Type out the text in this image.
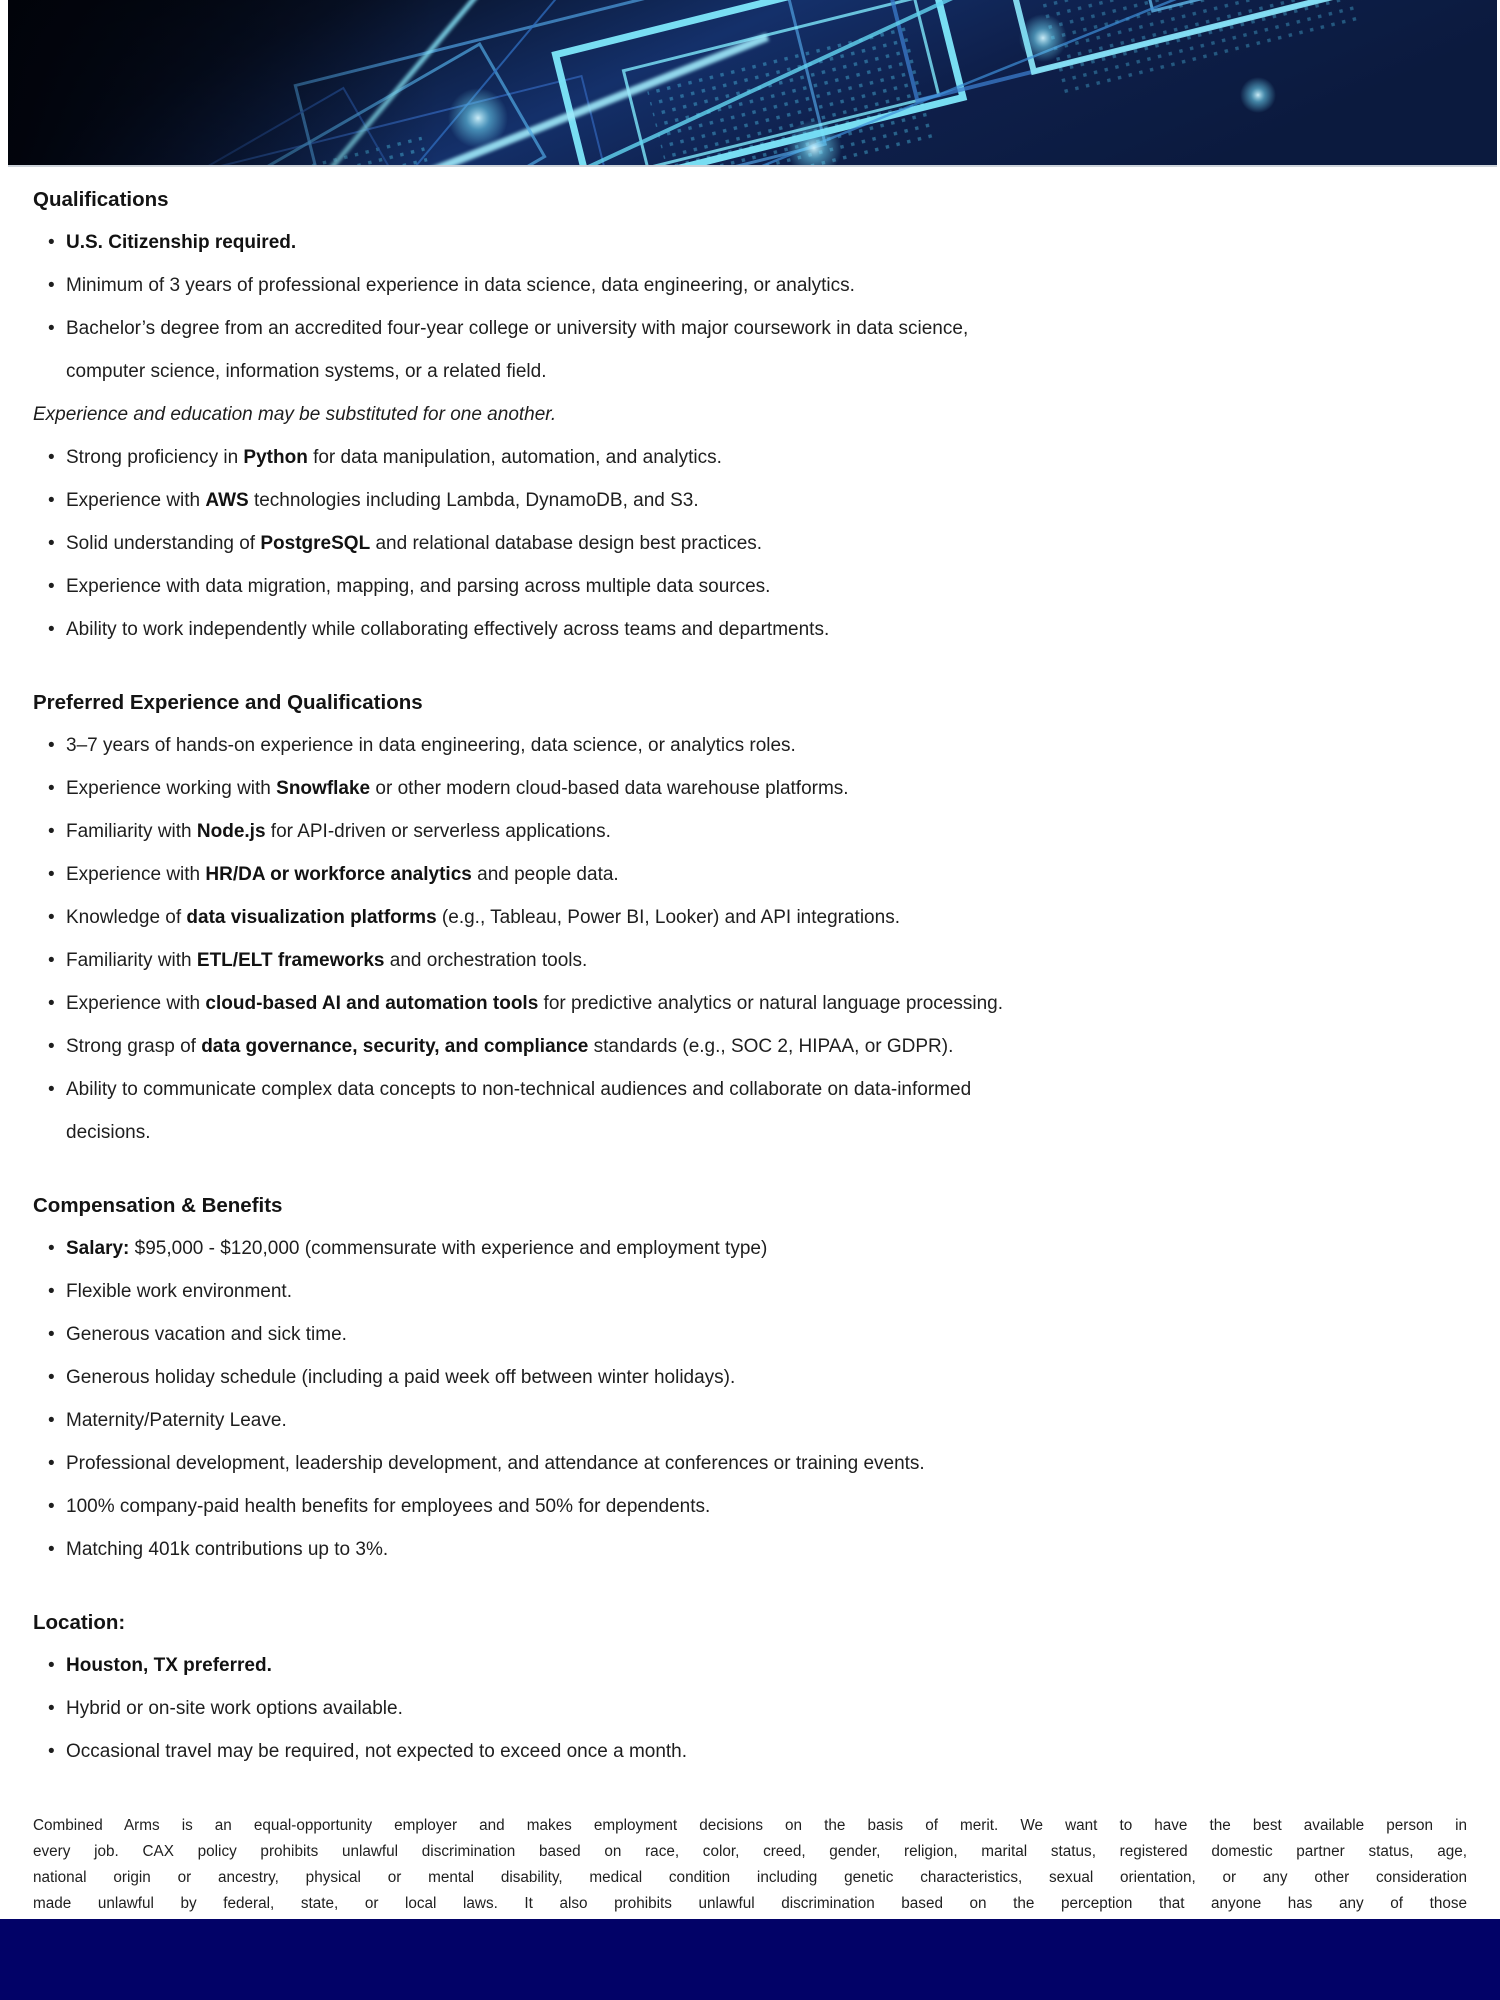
Qualifications
• U.S. Citizenship required.
• Minimum of 3 years of professional experience in data science, data engineering, or analytics.
• Bachelor’s degree from an accredited four-year college or university with major coursework in data science,
computer science, information systems, or a related field.

Experience and education may be substituted for one another.

• Strong proficiency in Python for data manipulation, automation, and analytics.
• Experience with AWS technologies including Lambda, DynamoDB, and S3.
• Solid understanding of PostgreSQL and relational database design best practices.
• Experience with data migration, mapping, and parsing across multiple data sources.
• Ability to work independently while collaborating effectively across teams and departments.
Preferred Experience and Qualifications
• 3–7 years of hands-on experience in data engineering, data science, or analytics roles.
• Experience working with Snowflake or other modern cloud-based data warehouse platforms.
• Familiarity with Node.js for API-driven or serverless applications.
• Experience with HR/DA or workforce analytics and people data.
• Knowledge of data visualization platforms (e.g., Tableau, Power BI, Looker) and API integrations.
• Familiarity with ETL/ELT frameworks and orchestration tools.
• Experience with cloud-based AI and automation tools for predictive analytics or natural language processing.
• Strong grasp of data governance, security, and compliance standards (e.g., SOC 2, HIPAA, or GDPR).
• Ability to communicate complex data concepts to non-technical audiences and collaborate on data-informed
decisions.
Compensation & Benefits
• Salary: $95,000 - $120,000 (commensurate with experience and employment type)
• Flexible work environment.
• Generous vacation and sick time.
• Generous holiday schedule (including a paid week off between winter holidays).
• Maternity/Paternity Leave.
• Professional development, leadership development, and attendance at conferences or training events.
• 100% company-paid health benefits for employees and 50% for dependents.
• Matching 401k contributions up to 3%.
Location:
• Houston, TX preferred.
• Hybrid or on-site work options available.
• Occasional travel may be required, not expected to exceed once a month.
Combined Arms is an equal-opportunity employer and makes employment decisions on the basis of merit. We want to have the best available person in
every job. CAX policy prohibits unlawful discrimination based on race, color, creed, gender, religion, marital status, registered domestic partner status, age,
national origin or ancestry, physical or mental disability, medical condition including genetic characteristics, sexual orientation, or any other consideration
made unlawful by federal, state, or local laws. It also prohibits unlawful discrimination based on the perception that anyone has any of those
